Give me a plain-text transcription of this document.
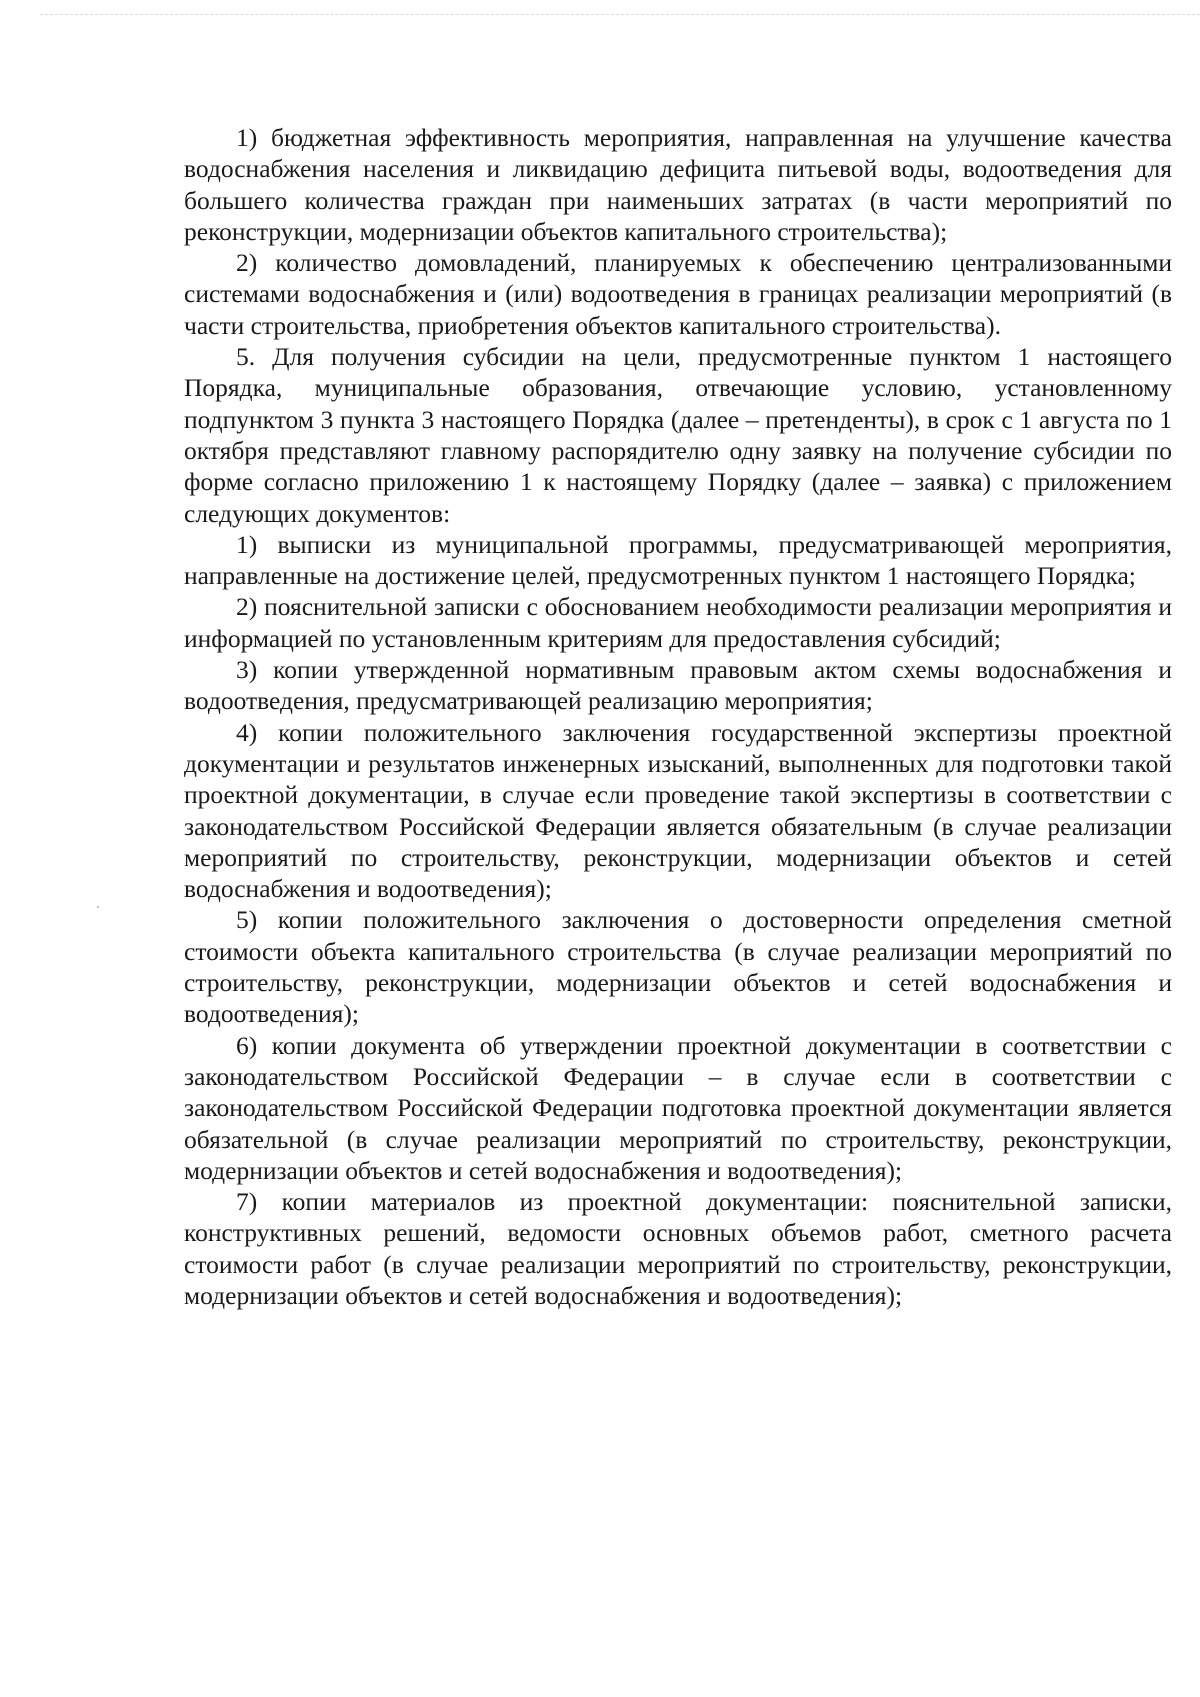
1) бюджетная эффективность мероприятия, направленная на улучшение качества водоснабжения населения и ликвидацию дефицита питьевой воды, водоотведения для большего количества граждан при наименьших затратах (в части мероприятий по реконструкции, модернизации объектов капитального строительства);

2) количество домовладений, планируемых к обеспечению централизованными системами водоснабжения и (или) водоотведения в границах реализации мероприятий (в части строительства, приобретения объектов капитального строительства).

5. Для получения субсидии на цели, предусмотренные пунктом 1 настоящего Порядка, муниципальные образования, отвечающие условию, установленному подпунктом 3 пункта 3 настоящего Порядка (далее – претенденты), в срок с 1 августа по 1 октября представляют главному распорядителю одну заявку на получение субсидии по форме согласно приложению 1 к настоящему Порядку (далее – заявка) с приложением следующих документов:

1) выписки из муниципальной программы, предусматривающей мероприятия, направленные на достижение целей, предусмотренных пунктом 1 настоящего Порядка;

2) пояснительной записки с обоснованием необходимости реализации мероприятия и информацией по установленным критериям для предоставления субсидий;

3) копии утвержденной нормативным правовым актом схемы водоснабжения и водоотведения, предусматривающей реализацию мероприятия;

4) копии положительного заключения государственной экспертизы проектной документации и результатов инженерных изысканий, выполненных для подготовки такой проектной документации, в случае если проведение такой экспертизы в соответствии с законодательством Российской Федерации является обязательным (в случае реализации мероприятий по строительству, реконструкции, модернизации объектов и сетей водоснабжения и водоотведения);

5) копии положительного заключения о достоверности определения сметной стоимости объекта капитального строительства (в случае реализации мероприятий по строительству, реконструкции, модернизации объектов и сетей водоснабжения и водоотведения);

6) копии документа об утверждении проектной документации в соответствии с законодательством Российской Федерации – в случае если в соответствии с законодательством Российской Федерации подготовка проектной документации является обязательной (в случае реализации мероприятий по строительству, реконструкции, модернизации объектов и сетей водоснабжения и водоотведения);

7) копии материалов из проектной документации: пояснительной записки, конструктивных решений, ведомости основных объемов работ, сметного расчета стоимости работ (в случае реализации мероприятий по строительству, реконструкции, модернизации объектов и сетей водоснабжения и водоотведения);
